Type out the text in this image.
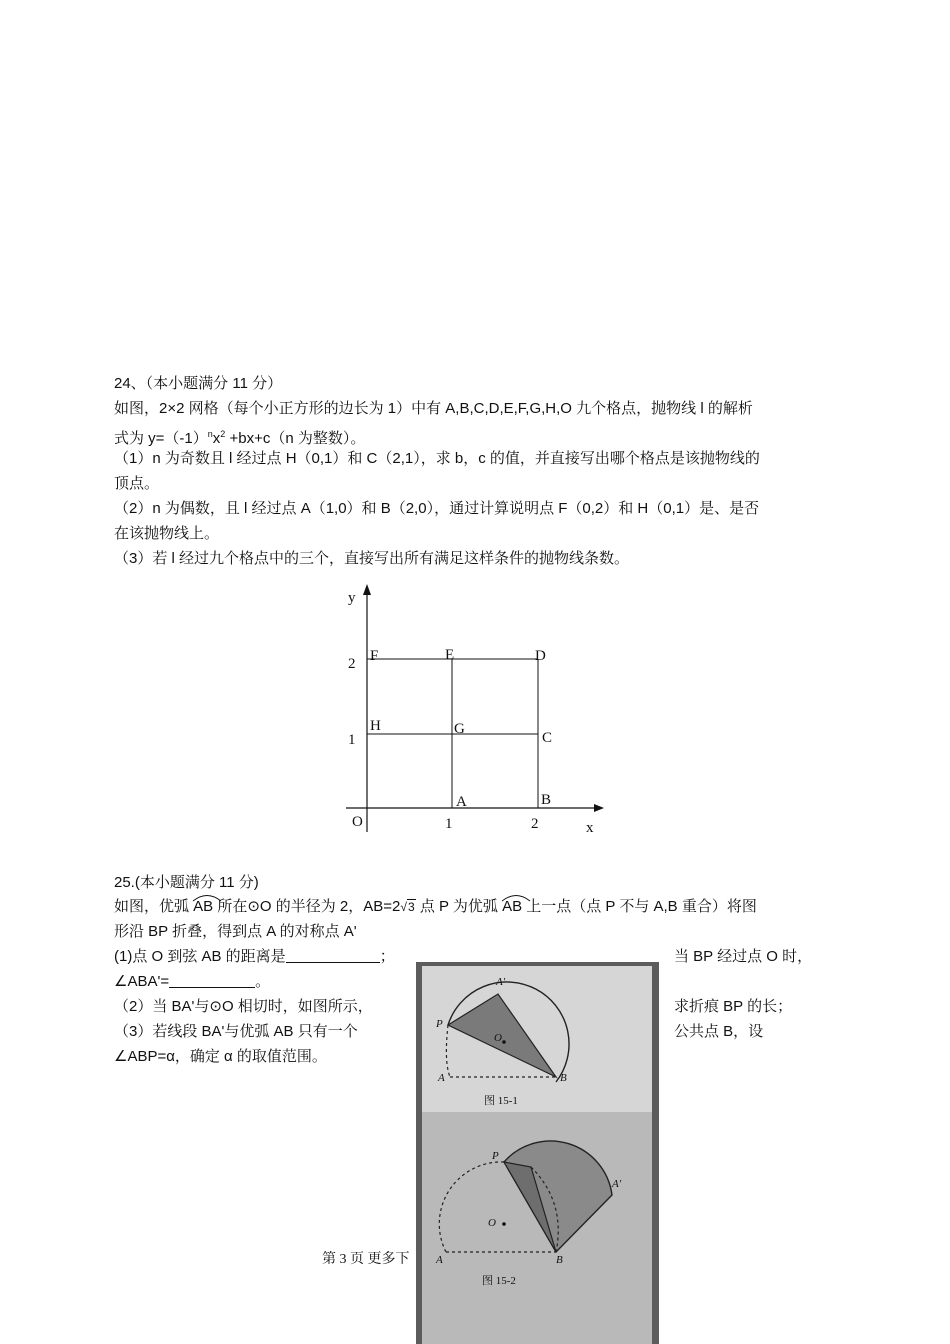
24、（本小题满分 11 分）
如图，2×2 网格（每个小正方形的边长为 1）中有 A,B,C,D,E,F,G,H,O 九个格点，抛物线 l 的解析
式为 $y=(-1)^nx^2 +bx+c(n$ 为整数）。
（1）n 为奇数且 l 经过点 H（0,1）和 C（2,1），求 b，c 的值，并直接写出哪个格点是该抛物线的
顶点。
（2）n 为偶数，且 l 经过点 A（1,0）和 B（2,0），通过计算说明点 F（0,2）和 H（0,1）是、是否
在该抛物线上。
（3）若 l 经过九个格点中的三个，直接写出所有满足这样条件的抛物线条数。
y
x
O	1	2
1
2 F	E	D
H	G
C
A	B
25.(本小题满分 11 分)
如图，优弧
AB 所在⊙O 的半径为 2，AB=2√3 点 P 为优弧
AB 上一点（点 P 不与 A,B 重合）将图
形沿 BP 折叠，得到点 A 的对称点 A'
(1)点 O 到弦 AB 的距离是	；	当 BP 经过点 O 时，
∠ABA'=	。
（2）当 BA'与⊙O 相切时，如图所示，	求折痕 BP 的长；
（3）若线段 BA'与优弧 AB 只有一个	公共点 B，设
∠ABP=α，确定 α 的取值范围。
第 3 页 更多下
A'
P
O
A	B
图 15-1
P
A'
O
A	B
图 15-2
